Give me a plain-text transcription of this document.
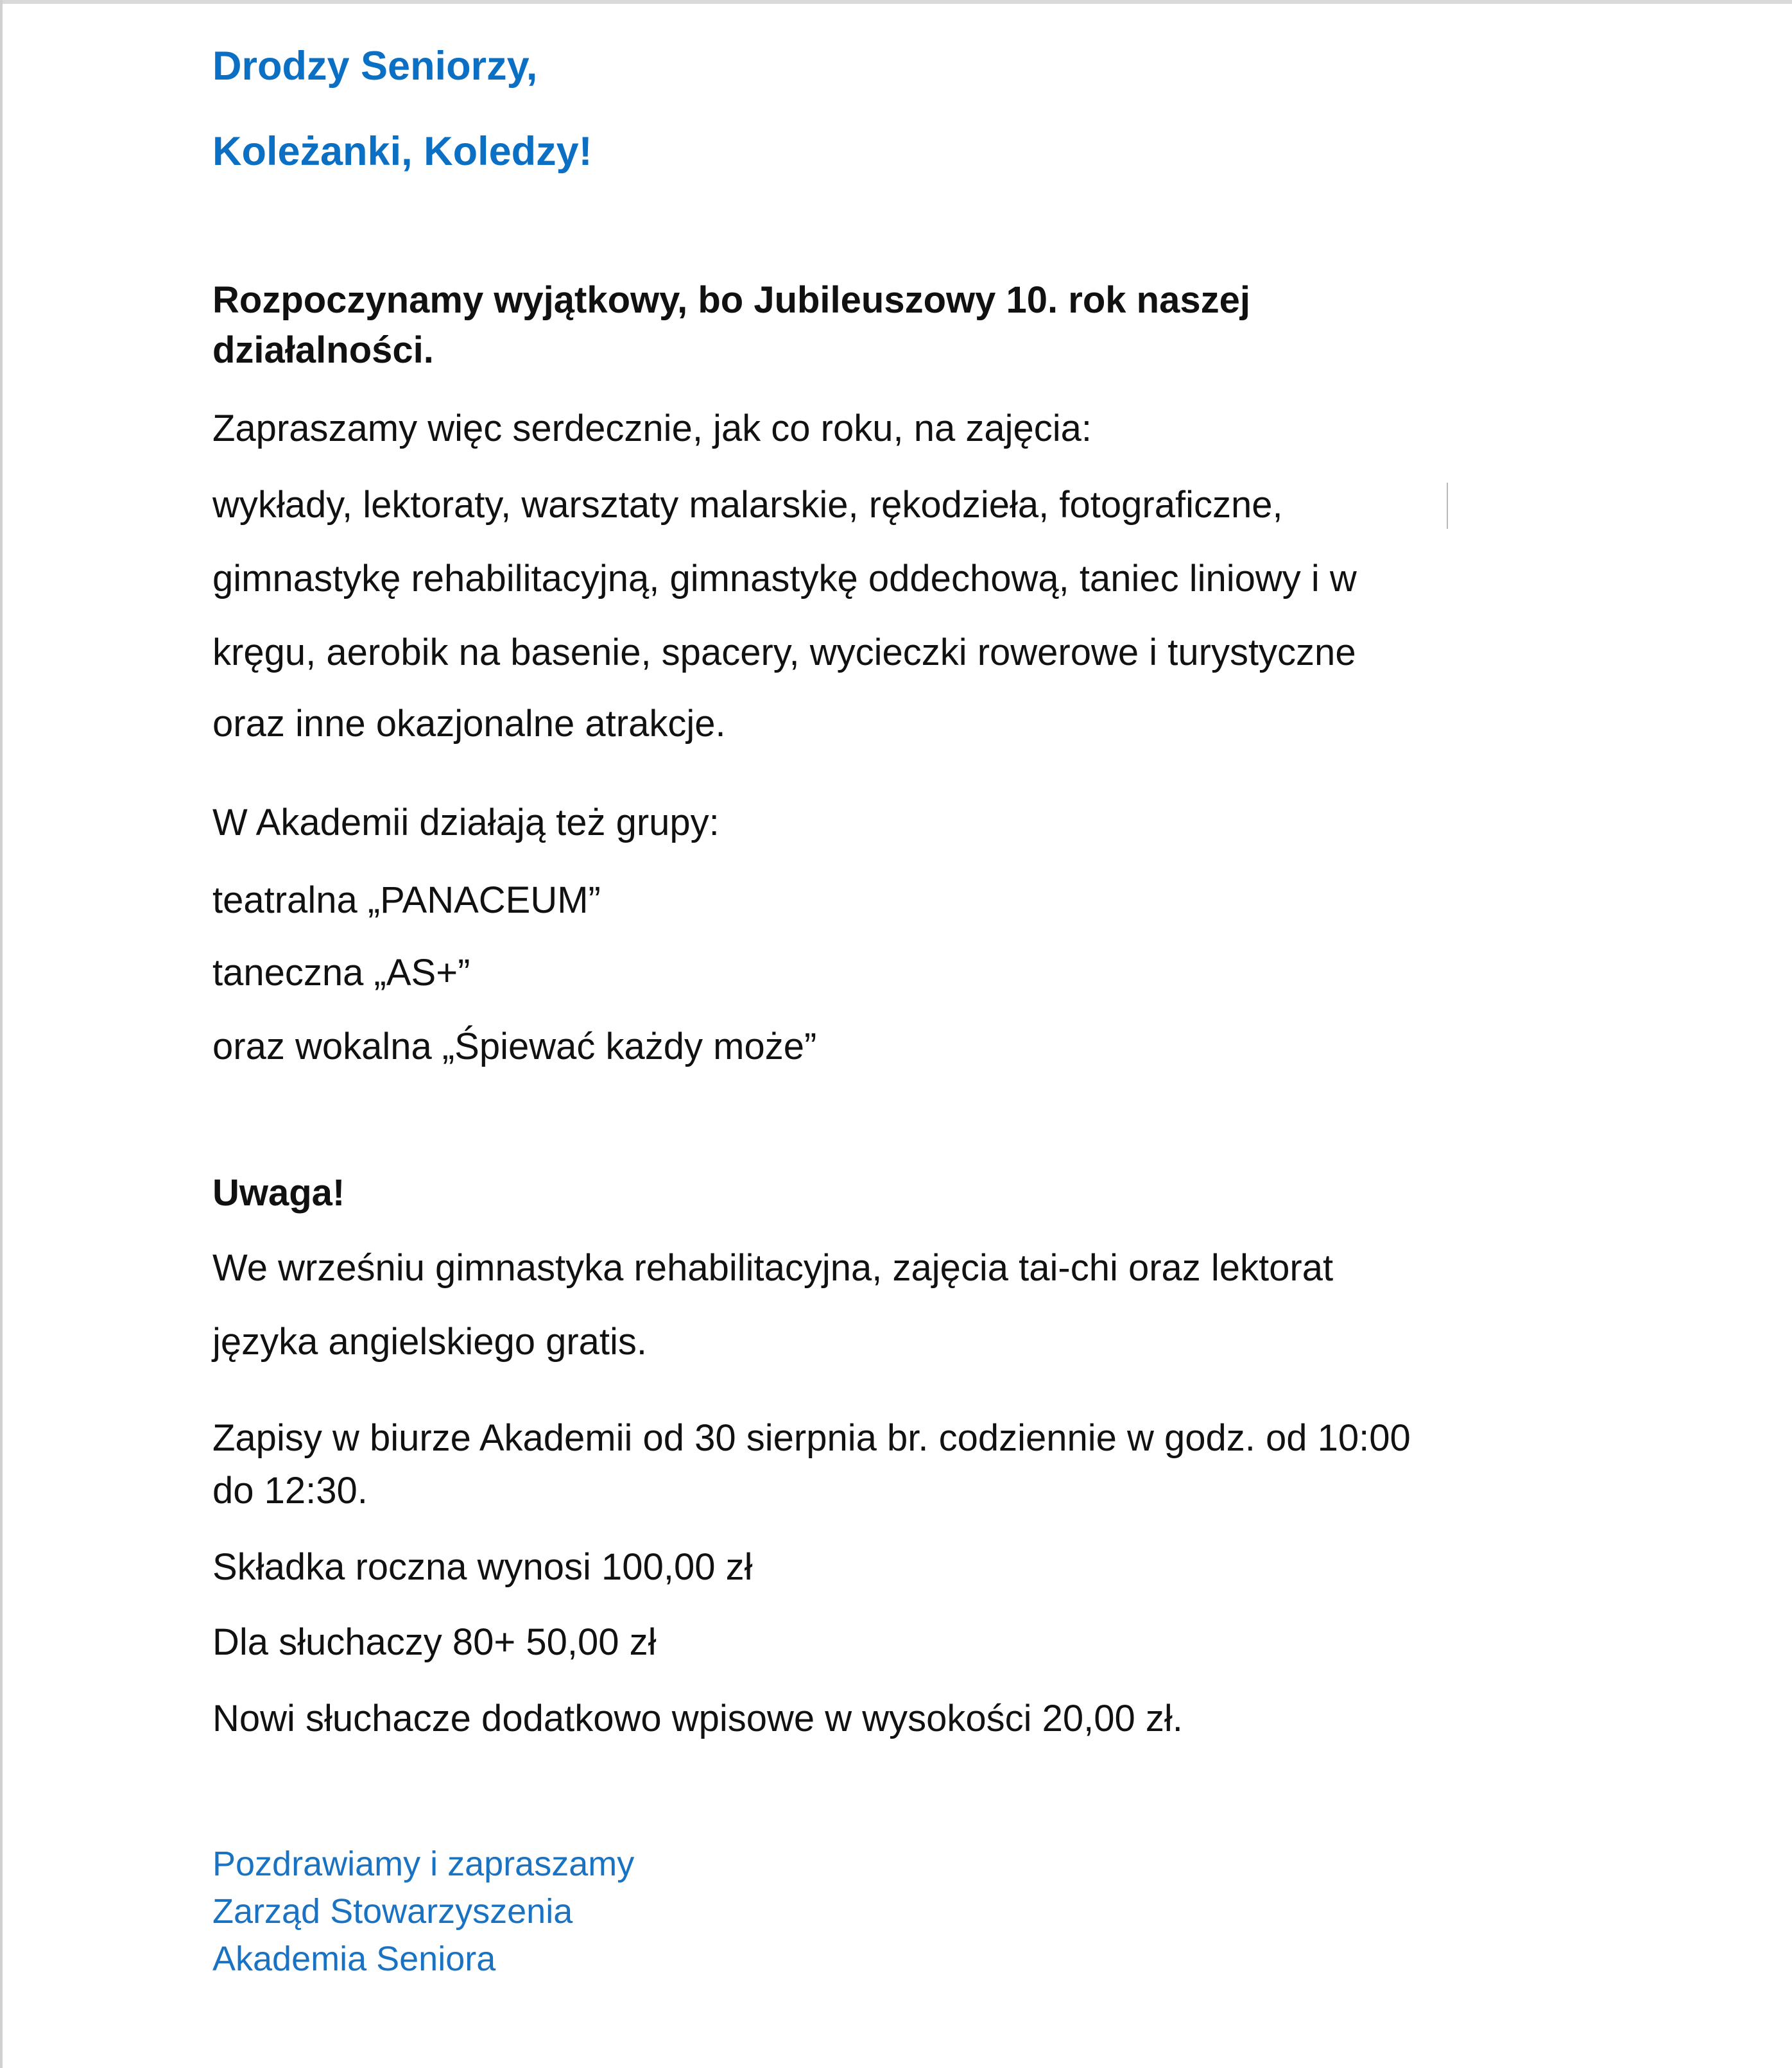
Drodzy Seniorzy,
Koleżanki, Koledzy!
Rozpoczynamy wyjątkowy, bo Jubileuszowy 10. rok naszej
działalności.
Zapraszamy więc serdecznie, jak co roku, na zajęcia:
wykłady, lektoraty, warsztaty malarskie, rękodzieła, fotograficzne,
gimnastykę rehabilitacyjną, gimnastykę oddechową, taniec liniowy i w
kręgu, aerobik na basenie, spacery, wycieczki rowerowe i turystyczne
oraz inne okazjonalne atrakcje.
W Akademii działają też grupy:
teatralna „PANACEUM”
taneczna „AS+”
oraz wokalna „Śpiewać każdy może”
Uwaga!
We wrześniu gimnastyka rehabilitacyjna, zajęcia tai-chi oraz lektorat
języka angielskiego gratis.
Zapisy w biurze Akademii od 30 sierpnia br. codziennie w godz. od 10:00
do 12:30.
Składka roczna wynosi 100,00 zł
Dla słuchaczy 80+ 50,00 zł
Nowi słuchacze dodatkowo wpisowe w wysokości 20,00 zł.
Pozdrawiamy i zapraszamy
Zarząd Stowarzyszenia
Akademia Seniora
